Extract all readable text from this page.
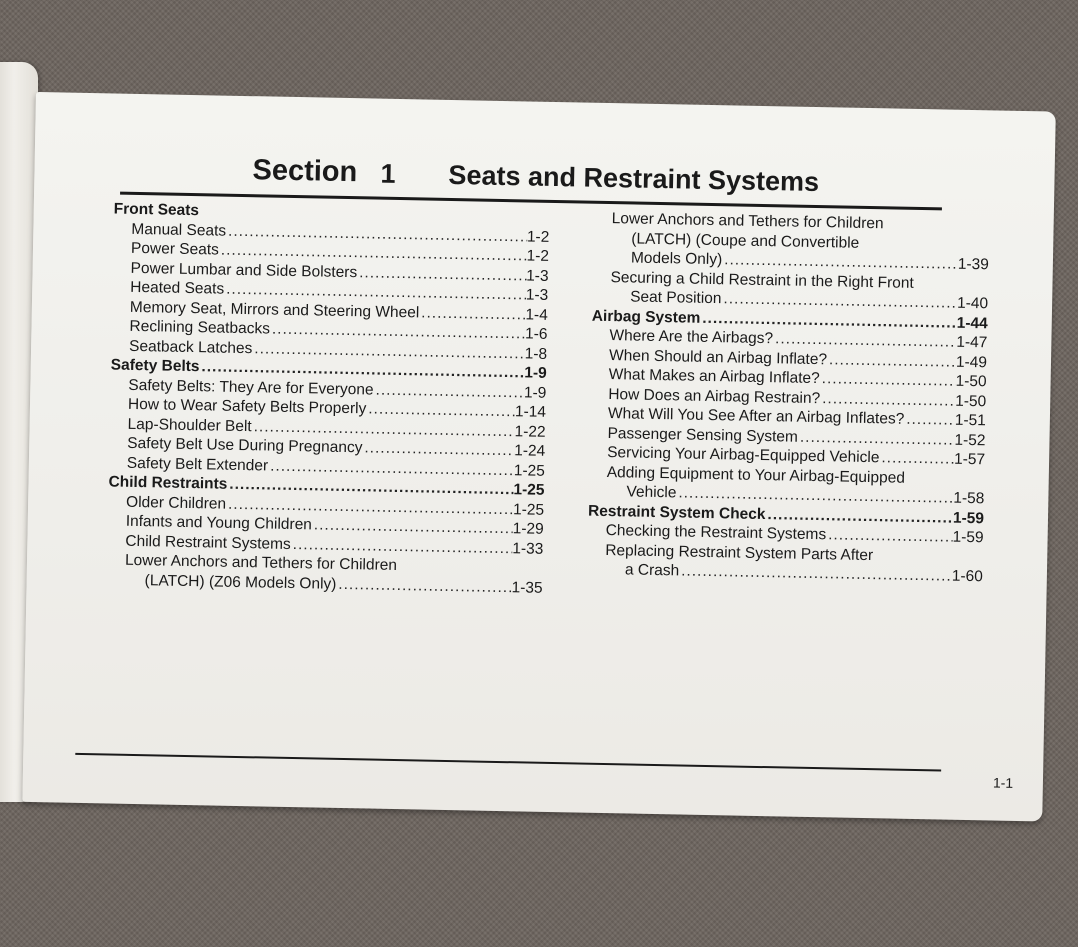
Section 1 Seats and Restraint Systems
Front Seats
Manual Seats .....	1-2
Power Seats .....	1-2
Power Lumbar and Side Bolsters .....	1-3
Heated Seats .....	1-3
Memory Seat, Mirrors and Steering Wheel .....	1-4
Reclining Seatbacks .....	1-6
Seatback Latches .....	1-8
Safety Belts .....	1-9
Safety Belts: They Are for Everyone .....	1-9
How to Wear Safety Belts Properly .....	1-14
Lap-Shoulder Belt .....	1-22
Safety Belt Use During Pregnancy .....	1-24
Safety Belt Extender .....	1-25
Child Restraints .....	1-25
Older Children .....	1-25
Infants and Young Children .....	1-29
Child Restraint Systems .....	1-33
Lower Anchors and Tethers for Children
(LATCH) (Z06 Models Only) .....	1-35
Lower Anchors and Tethers for Children
(LATCH) (Coupe and Convertible
Models Only) .....	1-39
Securing a Child Restraint in the Right Front
Seat Position .....	1-40
Airbag System .....	1-44
Where Are the Airbags? .....	1-47
When Should an Airbag Inflate? .....	1-49
What Makes an Airbag Inflate? .....	1-50
How Does an Airbag Restrain? .....	1-50
What Will You See After an Airbag Inflates? .....	1-51
Passenger Sensing System .....	1-52
Servicing Your Airbag-Equipped Vehicle .....	1-57
Adding Equipment to Your Airbag-Equipped
Vehicle .....	1-58
Restraint System Check .....	1-59
Checking the Restraint Systems .....	1-59
Replacing Restraint System Parts After
a Crash .....	1-60
1-1
